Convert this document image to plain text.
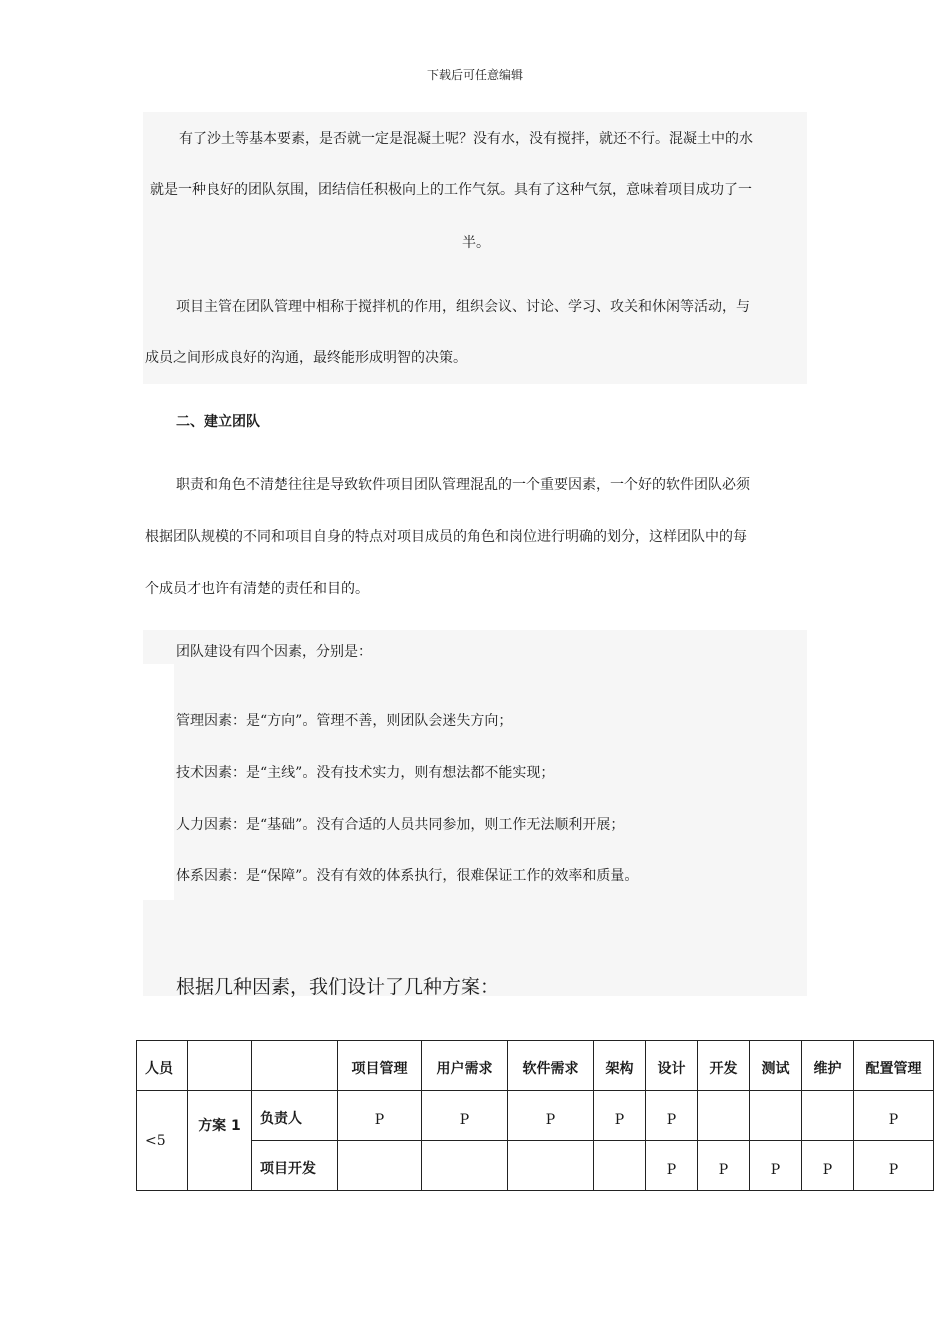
下载后可任意编辑
有了沙土等基本要素，是否就一定是混凝土呢？没有水，没有搅拌，就还不行。混凝土中的水
就是一种良好的团队氛围，团结信任积极向上的工作气氛。具有了这种气氛，意味着项目成功了一
半。
项目主管在团队管理中相称于搅拌机的作用，组织会议、讨论、学习、攻关和休闲等活动，与
成员之间形成良好的沟通，最终能形成明智的决策。
二、建立团队
职责和角色不清楚往往是导致软件项目团队管理混乱的一个重要因素，一个好的软件团队必须
根据团队规模的不同和项目自身的特点对项目成员的角色和岗位进行明确的划分，这样团队中的每
个成员才也许有清楚的责任和目的。
团队建设有四个因素，分别是：
管理因素：是“方向”。管理不善，则团队会迷失方向；
技术因素：是“主线”。没有技术实力，则有想法都不能实现；
人力因素：是“基础”。没有合适的人员共同参加，则工作无法顺利开展；
体系因素：是“保障”。没有有效的体系执行，很难保证工作的效率和质量。
根据几种因素，我们设计了几种方案：
人员			项目管理	用户需求	软件需求	架构	设计	开发	测试	维护	配置管理

<5	方案 1	负责人	P	P	P	P	P				P

		项目开发					P	P	P	P	P
